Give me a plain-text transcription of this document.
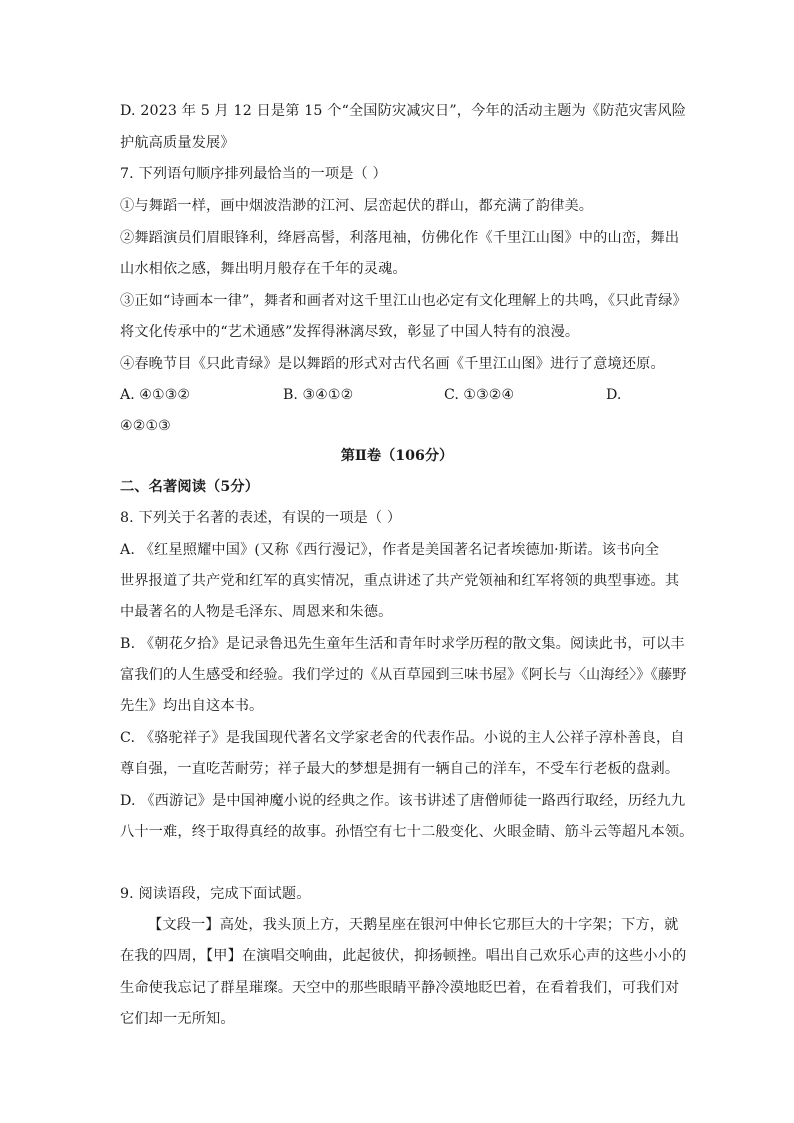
D. 2023 年 5 月 12 日是第 15 个“全国防灾减灾日”，今年的活动主题为《防范灾害风险
护航高质量发展》
7. 下列语句顺序排列最恰当的一项是（ ）
①与舞蹈一样，画中烟波浩渺的江河、层峦起伏的群山，都充满了韵律美。
②舞蹈演员们眉眼锋利，绛唇高髻，利落甩袖，仿佛化作《千里江山图》中的山峦，舞出
山水相依之感，舞出明月般存在千年的灵魂。
③正如“诗画本一律”，舞者和画者对这千里江山也必定有文化理解上的共鸣，《只此青绿》
将文化传承中的“艺术通感”发挥得淋漓尽致，彰显了中国人特有的浪漫。
④春晚节目《只此青绿》是以舞蹈的形式对古代名画《千里江山图》进行了意境还原。
A. ④①③②	B. ③④①②	C. ①③②④	D.
④②①③
第Ⅱ卷（106分）
二、名著阅读（5分）
8. 下列关于名著的表述，有误的一项是（ ）
A. 《红星照耀中国》(又称《西行漫记》，作者是美国著名记者埃德加·斯诺。该书向全
世界报道了共产党和红军的真实情况，重点讲述了共产党领袖和红军将领的典型事迹。其
中最著名的人物是毛泽东、周恩来和朱德。
B. 《朝花夕拾》是记录鲁迅先生童年生活和青年时求学历程的散文集。阅读此书，可以丰
富我们的人生感受和经验。我们学过的《从百草园到三味书屋》《阿长与〈山海经〉》《藤野
先生》均出自这本书。
C. 《骆驼祥子》是我国现代著名文学家老舍的代表作品。小说的主人公祥子淳朴善良，自
尊自强，一直吃苦耐劳；祥子最大的梦想是拥有一辆自己的洋车，不受车行老板的盘剥。
D. 《西游记》是中国神魔小说的经典之作。该书讲述了唐僧师徒一路西行取经，历经九九
八十一难，终于取得真经的故事。孙悟空有七十二般变化、火眼金睛、筋斗云等超凡本领。
9. 阅读语段，完成下面试题。
【文段一】高处，我头顶上方，天鹅星座在银河中伸长它那巨大的十字架；下方，就
在我的四周，【甲】在演唱交响曲，此起彼伏，抑扬顿挫。唱出自己欢乐心声的这些小小的
生命使我忘记了群星璀璨。天空中的那些眼睛平静冷漠地眨巴着，在看着我们，可我们对
它们却一无所知。
